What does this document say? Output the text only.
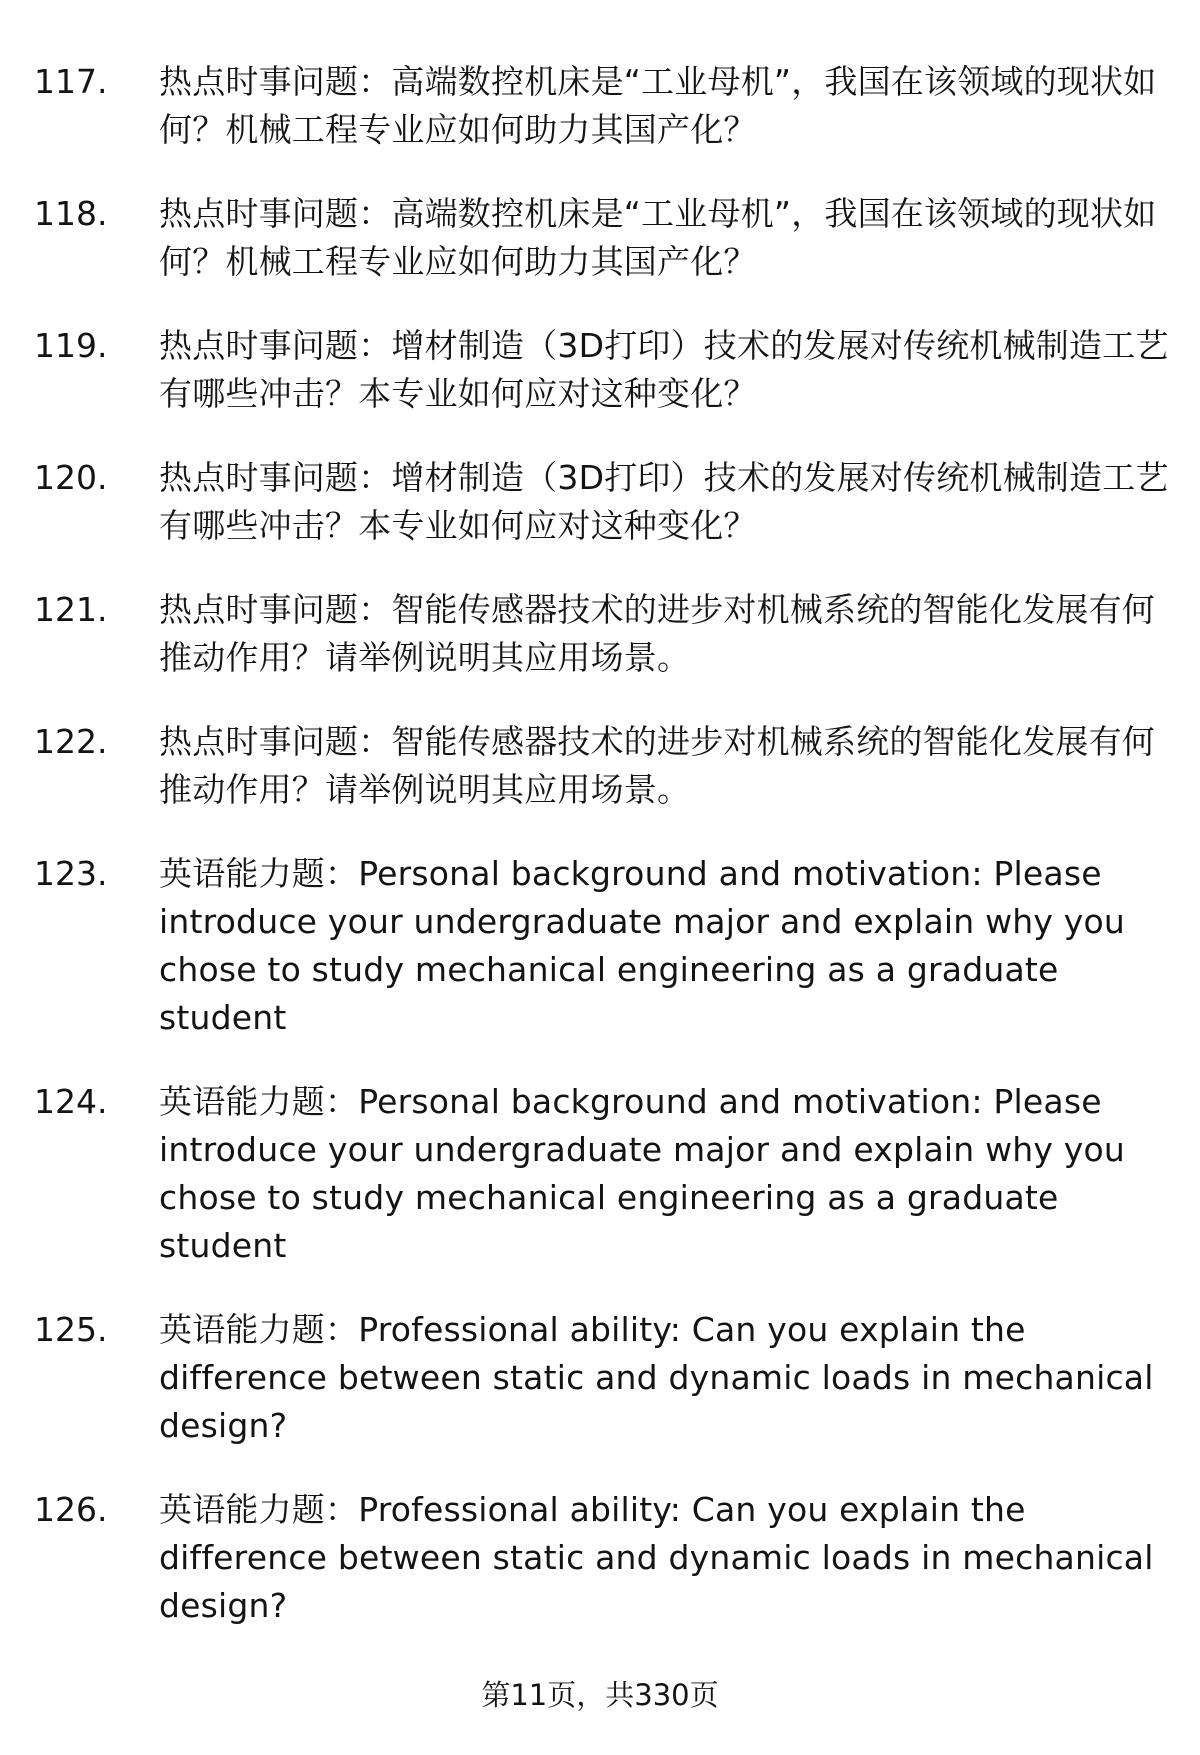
117.	热点时事问题：高端数控机床是“工业母机”，我国在该领域的现状如何？机械工程专业应如何助力其国产化？
118.	热点时事问题：高端数控机床是“工业母机”，我国在该领域的现状如何？机械工程专业应如何助力其国产化？
119.	热点时事问题：增材制造（3D打印）技术的发展对传统机械制造工艺有哪些冲击？本专业如何应对这种变化？
120.	热点时事问题：增材制造（3D打印）技术的发展对传统机械制造工艺有哪些冲击？本专业如何应对这种变化？
121.	热点时事问题：智能传感器技术的进步对机械系统的智能化发展有何推动作用？请举例说明其应用场景。
122.	热点时事问题：智能传感器技术的进步对机械系统的智能化发展有何推动作用？请举例说明其应用场景。
123.	英语能力题：Personal background and motivation: Please introduce your undergraduate major and explain why you chose to study mechanical engineering as a graduate student
124.	英语能力题：Personal background and motivation: Please introduce your undergraduate major and explain why you chose to study mechanical engineering as a graduate student
125.	英语能力题：Professional ability: Can you explain the difference between static and dynamic loads in mechanical design?
126.	英语能力题：Professional ability: Can you explain the difference between static and dynamic loads in mechanical design?
第11页，共330页
